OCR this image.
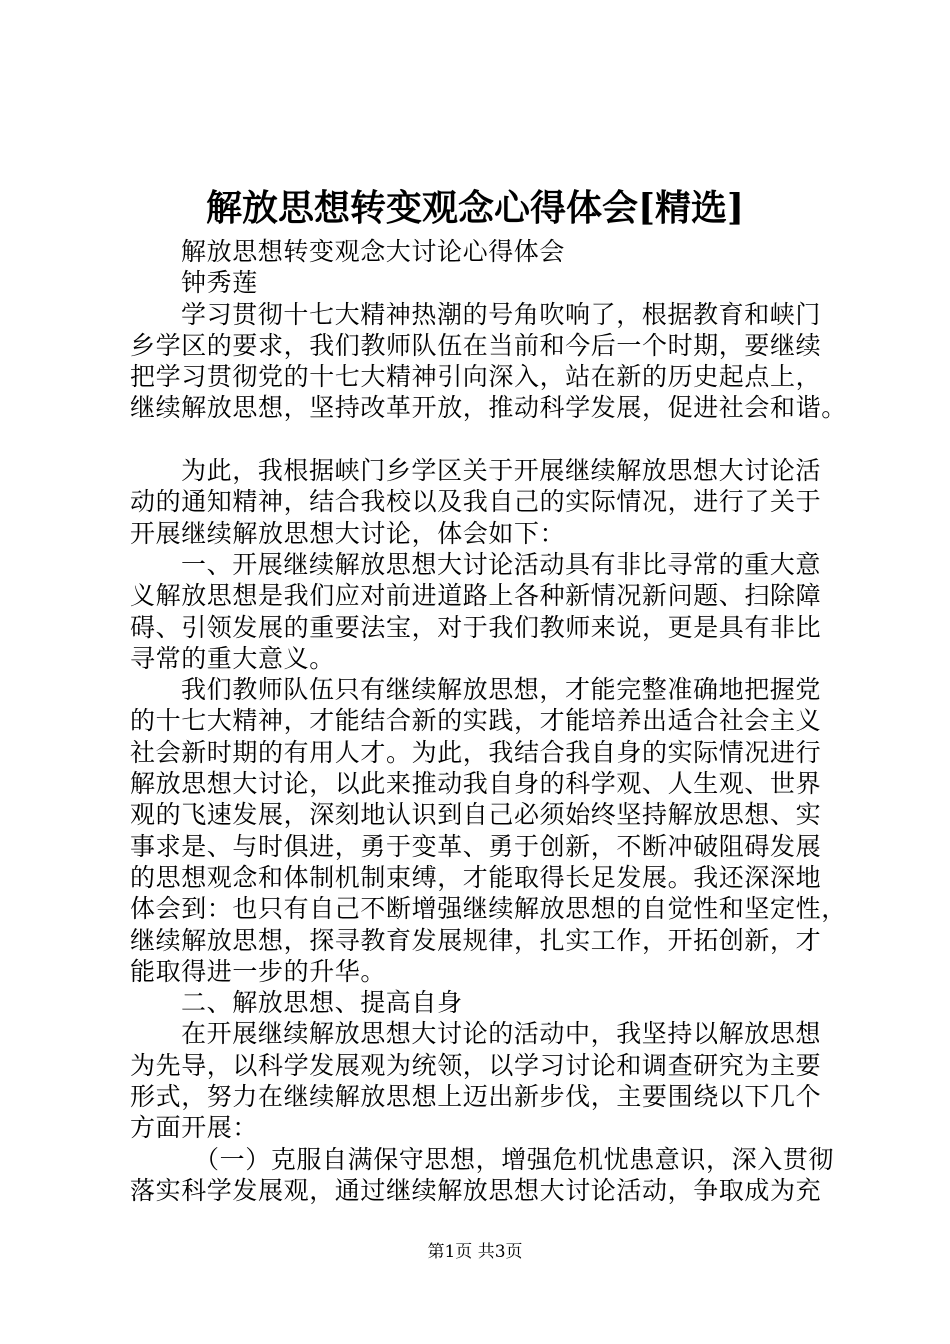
解放思想转变观念心得体会[精选]
解放思想转变观念大讨论心得体会
钟秀莲
学习贯彻十七大精神热潮的号角吹响了，根据教育和峡门
乡学区的要求，我们教师队伍在当前和今后一个时期，要继续
把学习贯彻党的十七大精神引向深入，站在新的历史起点上，
继续解放思想，坚持改革开放，推动科学发展，促进社会和谐。
为此，我根据峡门乡学区关于开展继续解放思想大讨论活
动的通知精神，结合我校以及我自己的实际情况，进行了关于
开展继续解放思想大讨论，体会如下：
一、开展继续解放思想大讨论活动具有非比寻常的重大意
义解放思想是我们应对前进道路上各种新情况新问题、扫除障
碍、引领发展的重要法宝，对于我们教师来说，更是具有非比
寻常的重大意义。
我们教师队伍只有继续解放思想，才能完整准确地把握党
的十七大精神，才能结合新的实践，才能培养出适合社会主义
社会新时期的有用人才。为此，我结合我自身的实际情况进行
解放思想大讨论，以此来推动我自身的科学观、人生观、世界
观的飞速发展，深刻地认识到自己必须始终坚持解放思想、实
事求是、与时俱进，勇于变革、勇于创新，不断冲破阻碍发展
的思想观念和体制机制束缚，才能取得长足发展。我还深深地
体会到：也只有自己不断增强继续解放思想的自觉性和坚定性，
继续解放思想，探寻教育发展规律，扎实工作，开拓创新，才
能取得进一步的升华。
二、解放思想、提高自身
在开展继续解放思想大讨论的活动中，我坚持以解放思想
为先导，以科学发展观为统领，以学习讨论和调查研究为主要
形式，努力在继续解放思想上迈出新步伐，主要围绕以下几个
方面开展：
（一）克服自满保守思想，增强危机忧患意识，深入贯彻
落实科学发展观，通过继续解放思想大讨论活动，争取成为充
第1页 共3页
